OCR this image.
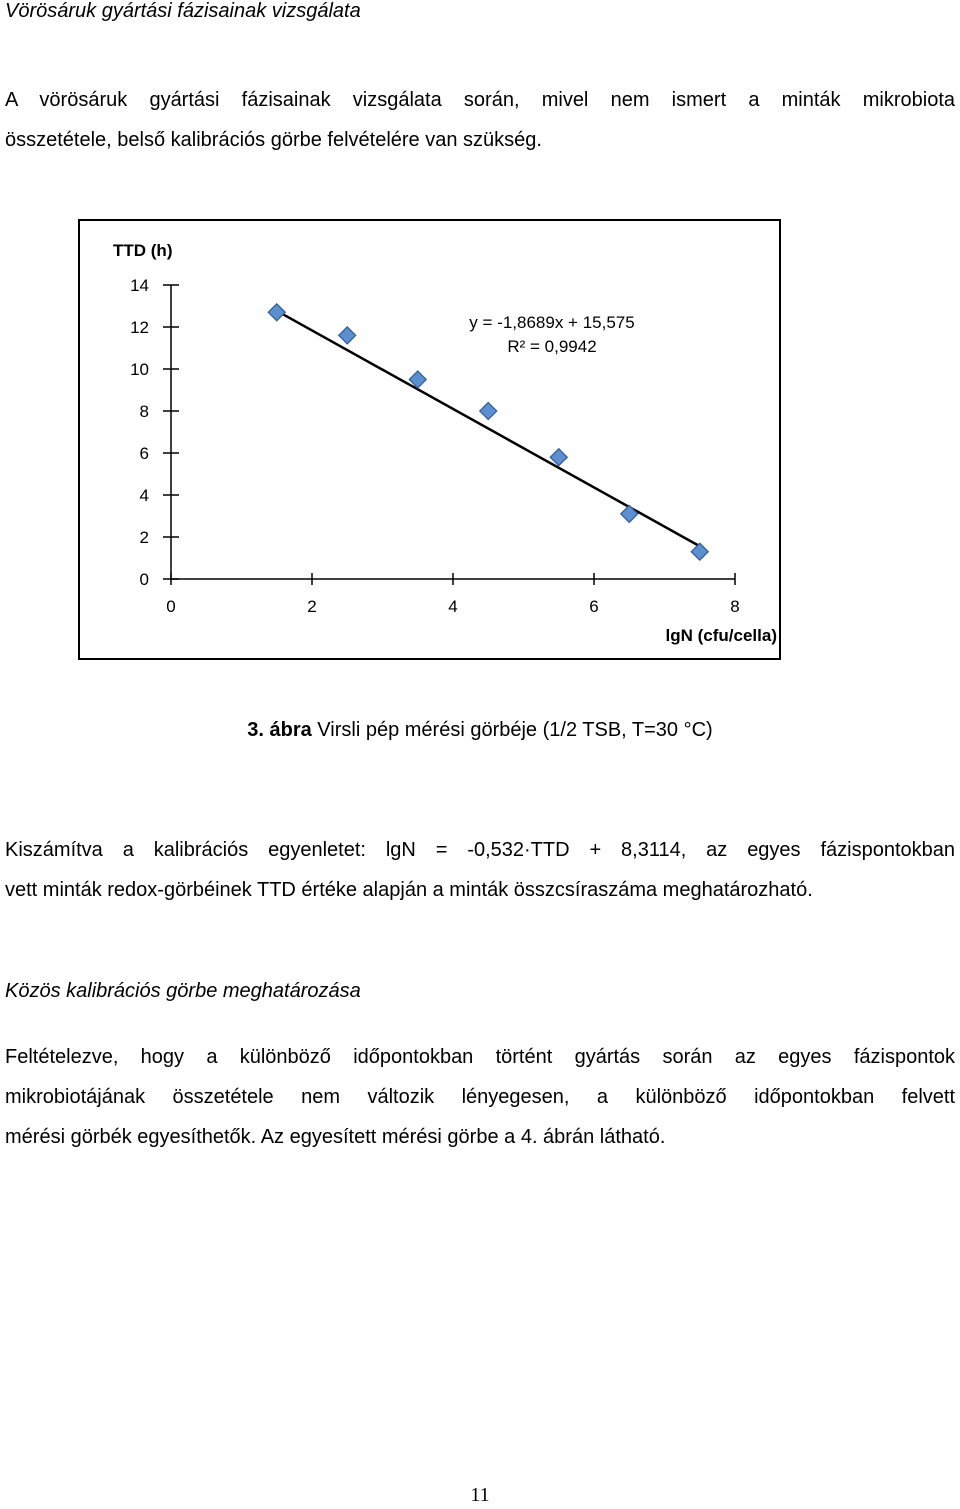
Vörösáruk gyártási fázisainak vizsgálata
A vörösáruk gyártási fázisainak vizsgálata során, mivel nem ismert a minták mikrobiota
összetétele, belső kalibrációs görbe felvételére van szükség.
0
2
4
6
8
10
12
14
0	2	4	6	8
TTD (h)
lgN (cfu/cella)
y = -1,8689x + 15,575
R² = 0,9942
3. ábra Virsli pép mérési görbéje (1/2 TSB, T=30 °C)
Kiszámítva a kalibrációs egyenletet: lgN = -0,532·TTD + 8,3114, az egyes fázispontokban
vett minták redox-görbéinek TTD értéke alapján a minták összcsíraszáma meghatározható.
Közös kalibrációs görbe meghatározása
Feltételezve, hogy a különböző időpontokban történt gyártás során az egyes fázispontok
mikrobiotájának összetétele nem változik lényegesen, a különböző időpontokban felvett
mérési görbék egyesíthetők. Az egyesített mérési görbe a 4. ábrán látható.
11
